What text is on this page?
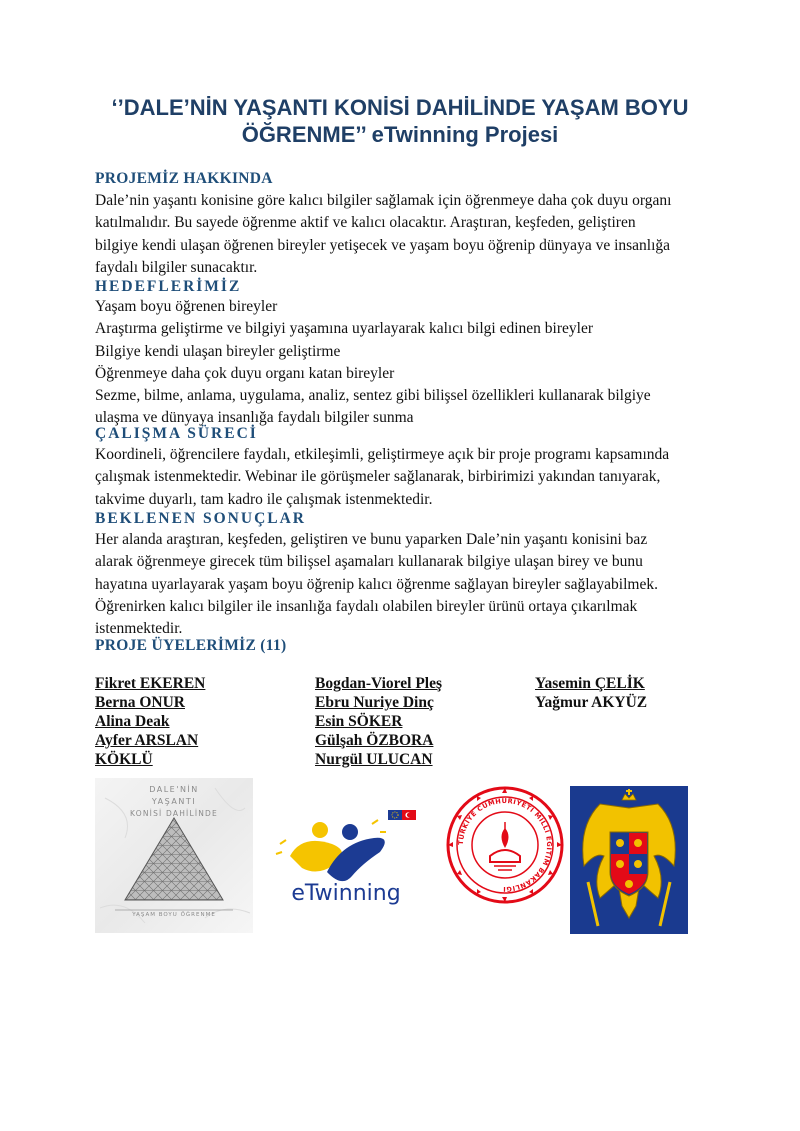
‘’DALE’NİN YAŞANTI KONİSİ DAHİLİNDE YAŞAM BOYU
ÖĞRENME’’ eTwinning Projesi
PROJEMİZ HAKKINDA
Dale’nin yaşantı konisine göre kalıcı bilgiler sağlamak için öğrenmeye daha çok duyu organı
katılmalıdır. Bu sayede öğrenme aktif ve kalıcı olacaktır. Araştıran, keşfeden, geliştiren
bilgiye kendi ulaşan öğrenen bireyler yetişecek ve yaşam boyu öğrenip dünyaya ve insanlığa
faydalı bilgiler sunacaktır.
HEDEFLERİMİZ
Yaşam boyu öğrenen bireyler
Araştırma geliştirme ve bilgiyi yaşamına uyarlayarak kalıcı bilgi edinen bireyler
Bilgiye kendi ulaşan bireyler geliştirme
Öğrenmeye daha çok duyu organı katan bireyler
Sezme, bilme, anlama, uygulama, analiz, sentez gibi bilişsel özellikleri kullanarak bilgiye
ulaşma ve dünyaya insanlığa faydalı bilgiler sunma
ÇALIŞMA SÜRECİ
Koordineli, öğrencilere faydalı, etkileşimli, geliştirmeye açık bir proje programı kapsamında
çalışmak istenmektedir. Webinar ile görüşmeler sağlanarak, birbirimizi yakından tanıyarak,
takvime duyarlı, tam kadro ile çalışmak istenmektedir.
BEKLENEN SONUÇLAR
Her alanda araştıran, keşfeden, geliştiren ve bunu yaparken Dale’nin yaşantı konisini baz
alarak öğrenmeye girecek tüm bilişsel aşamaları kullanarak bilgiye ulaşan birey ve bunu
hayatına uyarlayarak yaşam boyu öğrenip kalıcı öğrenme sağlayan bireyler sağlayabilmek.
Öğrenirken kalıcı bilgiler ile insanlığa faydalı olabilen bireyler ürünü ortaya çıkarılmak
istenmektedir.
PROJE ÜYELERİMİZ (11)
Fikret EKEREN
Berna ONUR
Alina Deak
Ayfer ARSLAN
KÖKLÜ
Bogdan-Viorel Pleş
Ebru Nuriye Dinç
Esin SÖKER
Gülşah ÖZBORA
Nurgül ULUCAN
Yasemin ÇELİK
Yağmur AKYÜZ
DALE'NİN
YAŞANTI
KONİSİ DAHİLİNDE
YAŞAM BOYU ÖĞRENME
eTwinning
TÜRKİYE CUMHURİYETİ MİLLİ EĞİTİM BAKANLIĞI
